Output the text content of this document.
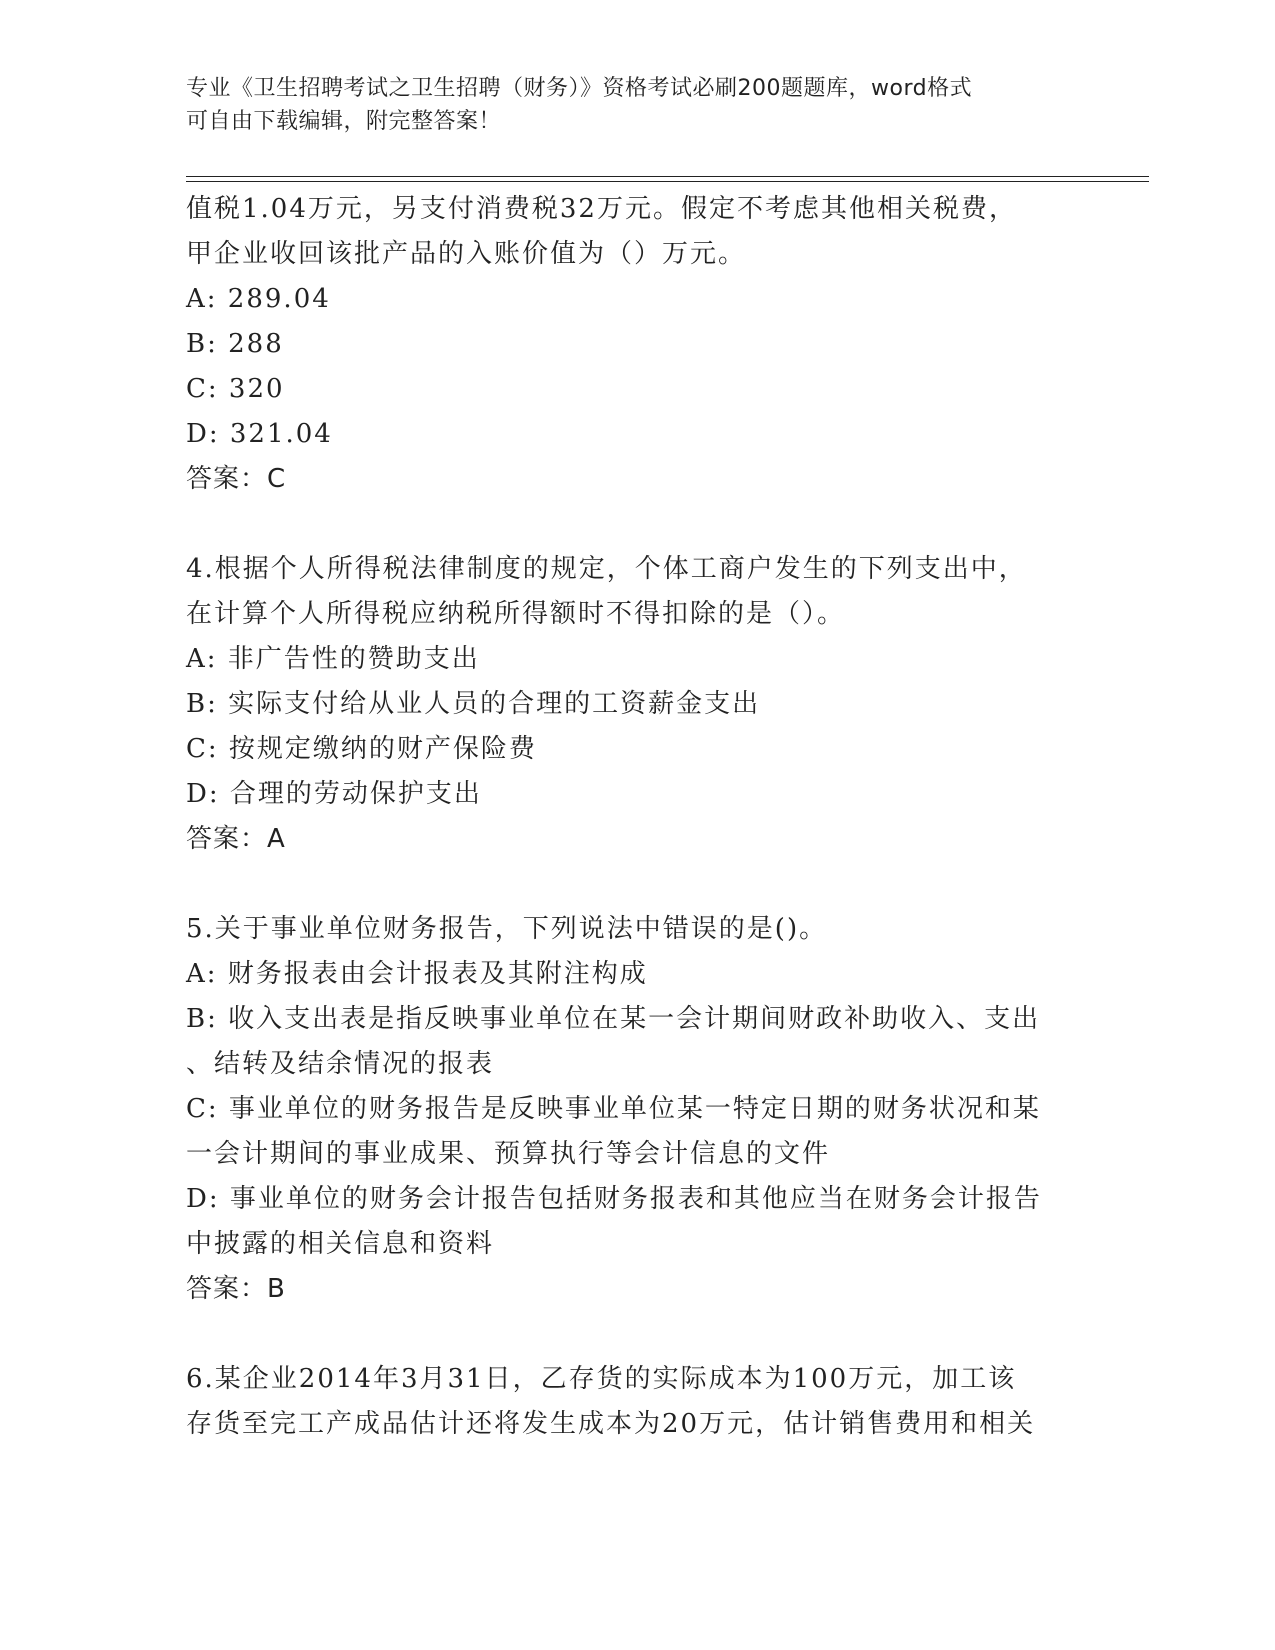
专业《卫生招聘考试之卫生招聘（财务）》资格考试必刷200题题库，word格式
可自由下载编辑，附完整答案！
值税1.04万元，另支付消费税32万元。假定不考虑其他相关税费，
甲企业收回该批产品的入账价值为（）万元。
A: 289.04
B: 288
C: 320
D: 321.04
答案：C
4.根据个人所得税法律制度的规定，个体工商户发生的下列支出中，
在计算个人所得税应纳税所得额时不得扣除的是（）。
A: 非广告性的赞助支出
B: 实际支付给从业人员的合理的工资薪金支出
C: 按规定缴纳的财产保险费
D: 合理的劳动保护支出
答案：A
5.关于事业单位财务报告，下列说法中错误的是()。
A: 财务报表由会计报表及其附注构成
B: 收入支出表是指反映事业单位在某一会计期间财政补助收入、支出
、结转及结余情况的报表
C: 事业单位的财务报告是反映事业单位某一特定日期的财务状况和某
一会计期间的事业成果、预算执行等会计信息的文件
D: 事业单位的财务会计报告包括财务报表和其他应当在财务会计报告
中披露的相关信息和资料
答案：B
6.某企业2014年3月31日，乙存货的实际成本为100万元，加工该
存货至完工产成品估计还将发生成本为20万元，估计销售费用和相关
